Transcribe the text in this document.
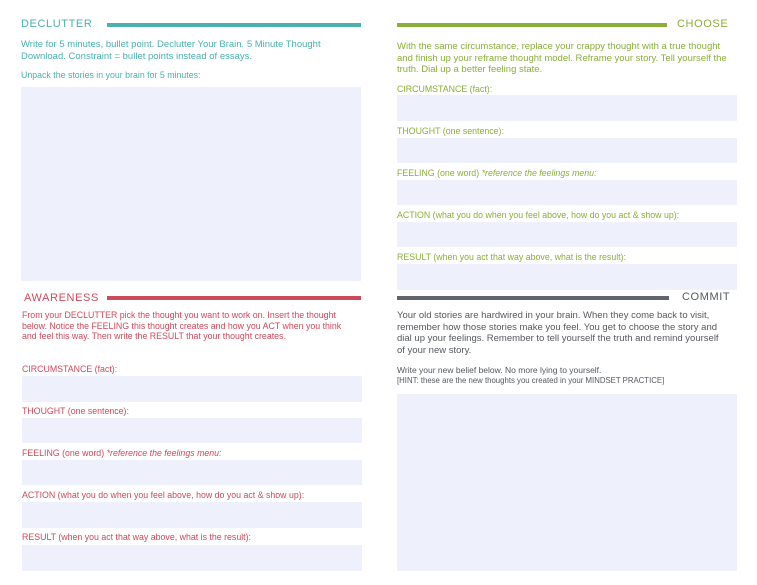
DECLUTTER

Write for 5 minutes, bullet point. Declutter Your Brain. 5 Minute Thought Download. Constraint = bullet points instead of essays.

Unpack the stories in your brain for 5 minutes:

CHOOSE

With the same circumstance, replace your crappy thought with a true thought and finish up your reframe thought model. Reframe your story. Tell yourself the truth. Dial up a better feeling state.

CIRCUMSTANCE (fact):

THOUGHT (one sentence):

FEELING (one word) *reference the feelings menu:

ACTION (what you do when you feel above, how do you act & show up):

RESULT (when you act that way above, what is the result):

AWARENESS

From your DECLUTTER pick the thought you want to work on. Insert the thought below. Notice the FEELING this thought creates and how you ACT when you think and feel this way. Then write the RESULT that your thought creates.

CIRCUMSTANCE (fact):

THOUGHT (one sentence):

FEELING (one word) *reference the feelings menu:

ACTION (what you do when you feel above, how do you act & show up):

RESULT (when you act that way above, what is the result):

COMMIT

Your old stories are hardwired in your brain. When they come back to visit, remember how those stories make you feel. You get to choose the story and dial up your feelings. Remember to tell yourself the truth and remind yourself of your new story.

Write your new belief below. No more lying to yourself.

[HINT: these are the new thoughts you created in your MINDSET PRACTICE]
